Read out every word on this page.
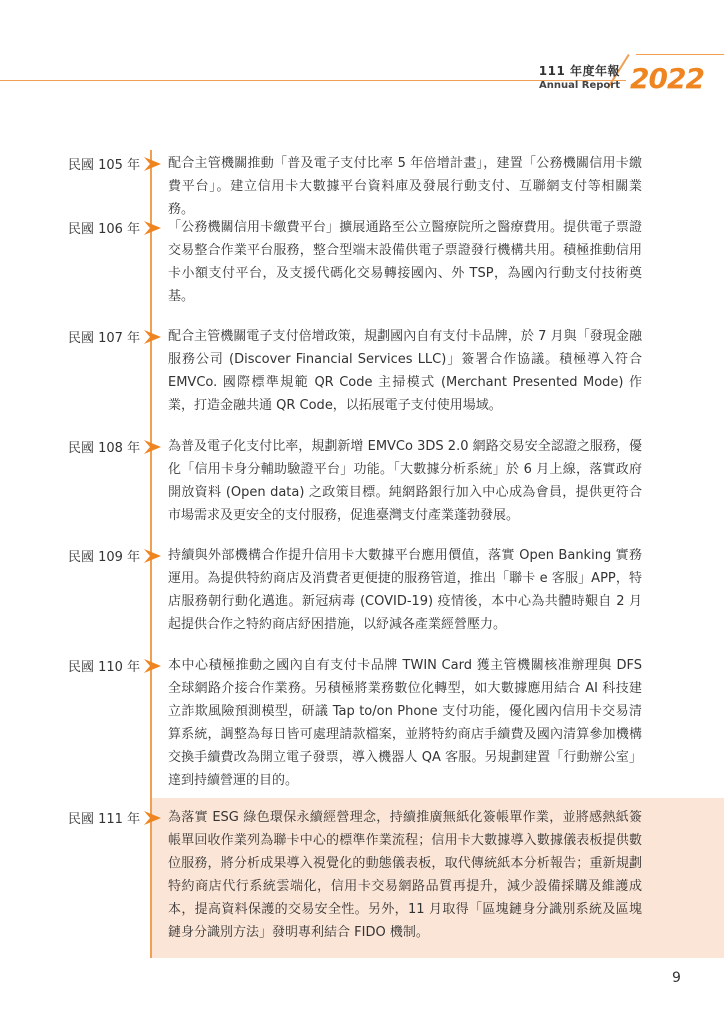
111 年度年報
Annual Report 2022
民國 105 年 配合主管機關推動「普及電子支付比率 5 年倍增計畫」，建置「公務機關信用卡繳費平台」。建立信用卡大數據平台資料庫及發展行動支付、互聯網支付等相關業務。
民國 106 年 「公務機關信用卡繳費平台」擴展通路至公立醫療院所之醫療費用。提供電子票證交易整合作業平台服務，整合型端末設備供電子票證發行機構共用。積極推動信用卡小額支付平台，及支援代碼化交易轉接國內、外 TSP，為國內行動支付技術奠基。
民國 107 年 配合主管機關電子支付倍增政策，規劃國內自有支付卡品牌，於 7 月與「發現金融服務公司 (Discover Financial Services LLC)」簽署合作協議。積極導入符合 EMVCo. 國際標準規範 QR Code 主掃模式 (Merchant Presented Mode) 作業，打造金融共通 QR Code，以拓展電子支付使用場域。
民國 108 年 為普及電子化支付比率，規劃新增 EMVCo 3DS 2.0 網路交易安全認證之服務，優化「信用卡身分輔助驗證平台」功能。「大數據分析系統」於 6 月上線，落實政府開放資料 (Open data) 之政策目標。純網路銀行加入中心成為會員，提供更符合市場需求及更安全的支付服務，促進臺灣支付產業蓬勃發展。
民國 109 年 持續與外部機構合作提升信用卡大數據平台應用價值，落實 Open Banking 實務運用。為提供特約商店及消費者更便捷的服務管道，推出「聯卡 e 客服」APP，特店服務朝行動化邁進。新冠病毒 (COVID-19) 疫情後，本中心為共體時艱自 2 月起提供合作之特約商店紓困措施，以紓減各產業經營壓力。
民國 110 年 本中心積極推動之國內自有支付卡品牌 TWIN Card 獲主管機關核准辦理與 DFS 全球網路介接合作業務。另積極將業務數位化轉型，如大數據應用結合 AI 科技建立詐欺風險預測模型，研議 Tap to/on Phone 支付功能，優化國內信用卡交易清算系統，調整為每日皆可處理請款檔案，並將特約商店手續費及國內清算參加機構交換手續費改為開立電子發票，導入機器人 QA 客服。另規劃建置「行動辦公室」達到持續營運的目的。
民國 111 年 為落實 ESG 綠色環保永續經營理念，持續推廣無紙化簽帳單作業，並將感熱紙簽帳單回收作業列為聯卡中心的標準作業流程；信用卡大數據導入數據儀表板提供數位服務，將分析成果導入視覺化的動態儀表板，取代傳統紙本分析報告；重新規劃特約商店代行系統雲端化，信用卡交易網路品質再提升，減少設備採購及維護成本，提高資料保護的交易安全性。另外，11 月取得「區塊鏈身分識別系統及區塊鏈身分識別方法」發明專利結合 FIDO 機制。
9
